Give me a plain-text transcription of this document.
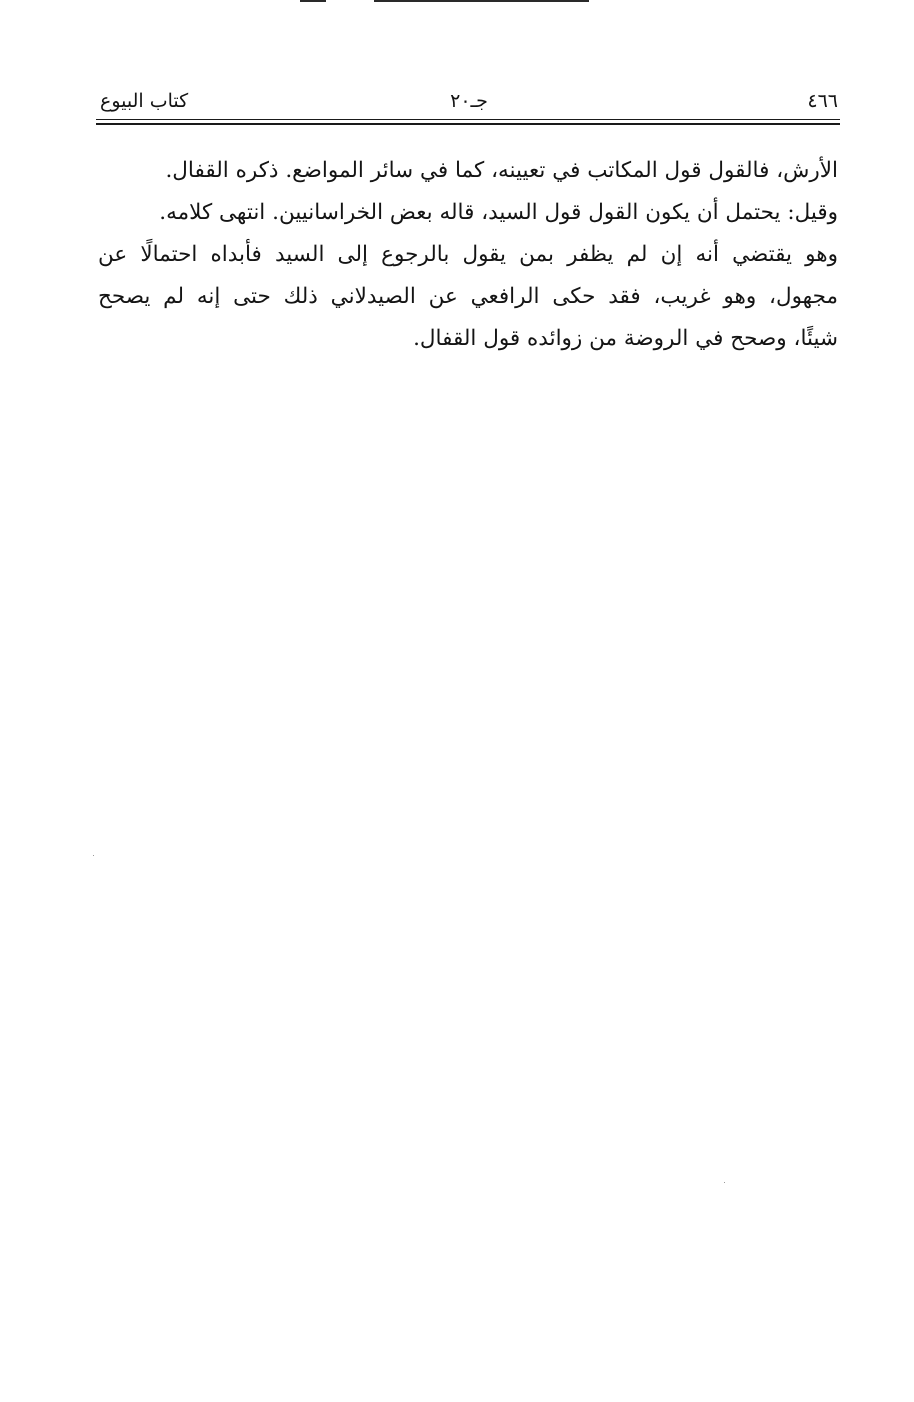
٤٦٦
جـ٢٠
كتاب البيوع
الأرش، فالقول قول المكاتب في تعيينه، كما في سائر المواضع. ذكره القفال.
وقيل: يحتمل أن يكون القول قول السيد، قاله بعض الخراسانيين. انتهى كلامه.
وهو يقتضي أنه إن لم يظفر بمن يقول بالرجوع إلى السيد فأبداه احتمالًا عن
مجهول، وهو غريب، فقد حكى الرافعي عن الصيدلاني ذلك حتى إنه لم يصحح
شيئًا، وصحح في الروضة من زوائده قول القفال.
